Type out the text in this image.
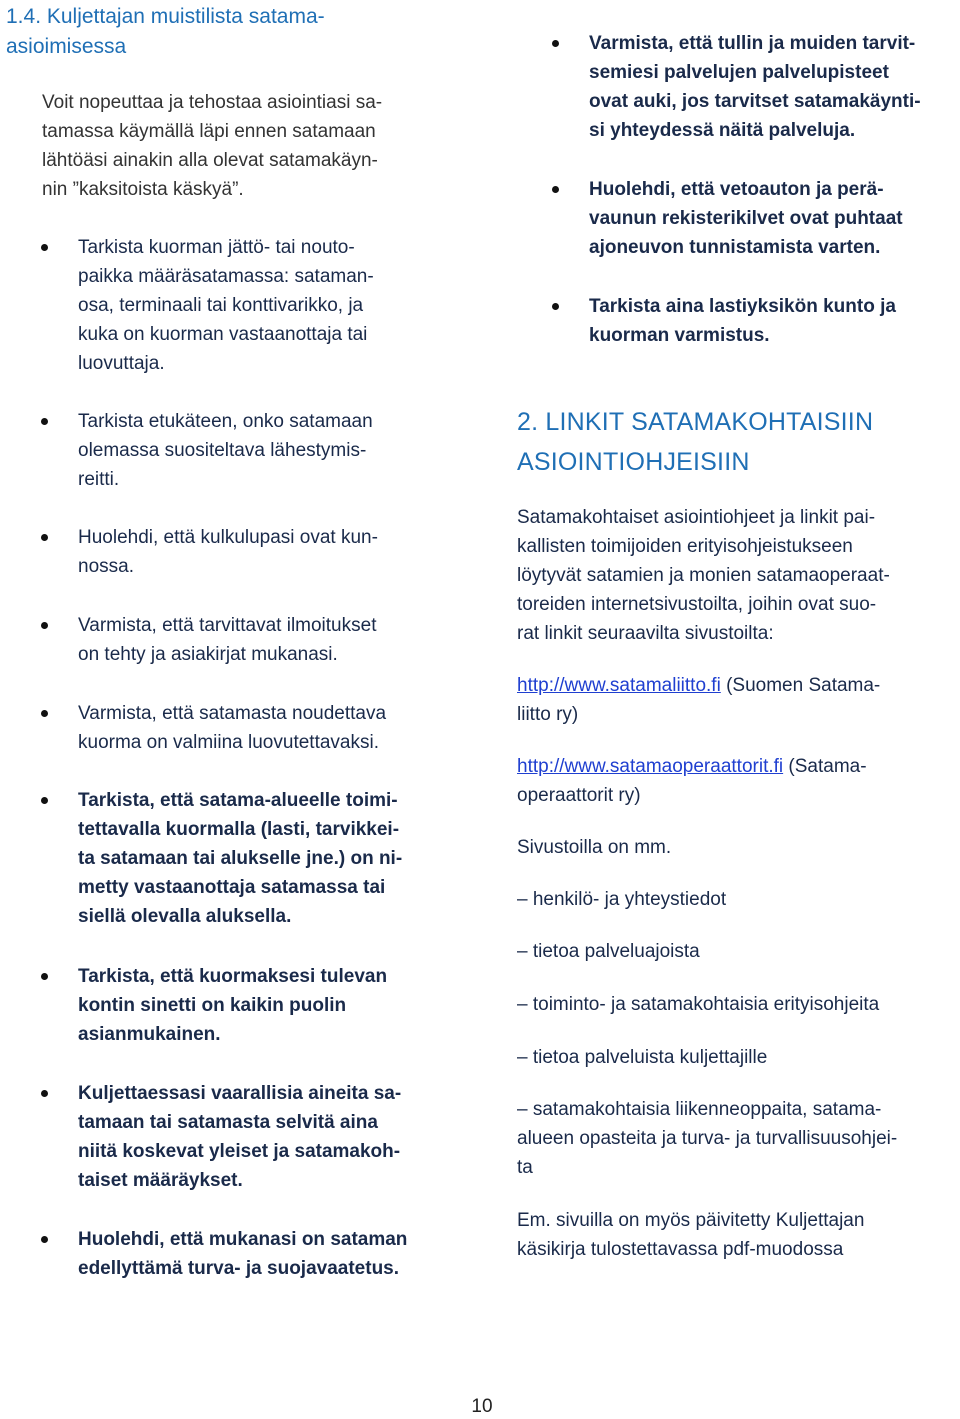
1.4. Kuljettajan muistilista satama-
asioimisessa

Voit nopeuttaa ja tehostaa asiointiasi sa-
tamassa käymällä läpi ennen satamaan
lähtöäsi ainakin alla olevat satamakäyn-
nin ”kaksitoista käskyä”.

Tarkista kuorman jättö- tai nouto-
paikka määräsatamassa: sataman-
osa, terminaali tai konttivarikko, ja
kuka on kuorman vastaanottaja tai
luovuttaja.
Tarkista etukäteen, onko satamaan
olemassa suositeltava lähestymis-
reitti.
Huolehdi, että kulkulupasi ovat kun-
nossa.
Varmista, että tarvittavat ilmoitukset
on tehty ja asiakirjat mukanasi.
Varmista, että satamasta noudettava
kuorma on valmiina luovutettavaksi.
Tarkista, että satama-alueelle toimi-
tettavalla kuormalla (lasti, tarvikkei-
ta satamaan tai alukselle jne.) on ni-
metty vastaanottaja satamassa tai
siellä olevalla aluksella.
Tarkista, että kuormaksesi tulevan
kontin sinetti on kaikin puolin
asianmukainen.
Kuljettaessasi vaarallisia aineita sa-
tamaan tai satamasta selvitä aina
niitä koskevat yleiset ja satamakoh-
taiset määräykset.
Huolehdi, että mukanasi on sataman
edellyttämä turva- ja suojavaatetus.
Varmista, että tullin ja muiden tarvit-
semiesi palvelujen palvelupisteet
ovat auki, jos tarvitset satamakäynti-
si yhteydessä näitä palveluja.
Huolehdi, että vetoauton ja perä-
vaunun rekisterikilvet ovat puhtaat
ajoneuvon tunnistamista varten.
Tarkista aina lastiyksikön kunto ja
kuorman varmistus.
2. LINKIT SATAMAKOHTAISIIN
ASIOINTIOHJEISIIN

Satamakohtaiset asiointiohjeet ja linkit pai-
kallisten toimijoiden erityisohjeistukseen
löytyvät satamien ja monien satamaoperaat-
toreiden internetsivustoilta, joihin ovat suo-
rat linkit seuraavilta sivustoilta:

http://www.satamaliitto.fi (Suomen Satama-
liitto ry)

http://www.satamaoperaattorit.fi (Satama-
operaattorit ry)

Sivustoilla on mm.

– henkilö- ja yhteystiedot

– tietoa palveluajoista

– toiminto- ja satamakohtaisia erityisohjeita

– tietoa palveluista kuljettajille

– satamakohtaisia liikenneoppaita, satama-
alueen opasteita ja turva- ja turvallisuusohjei-
ta

Em. sivuilla on myös päivitetty Kuljettajan
käsikirja tulostettavassa pdf-muodossa

10
